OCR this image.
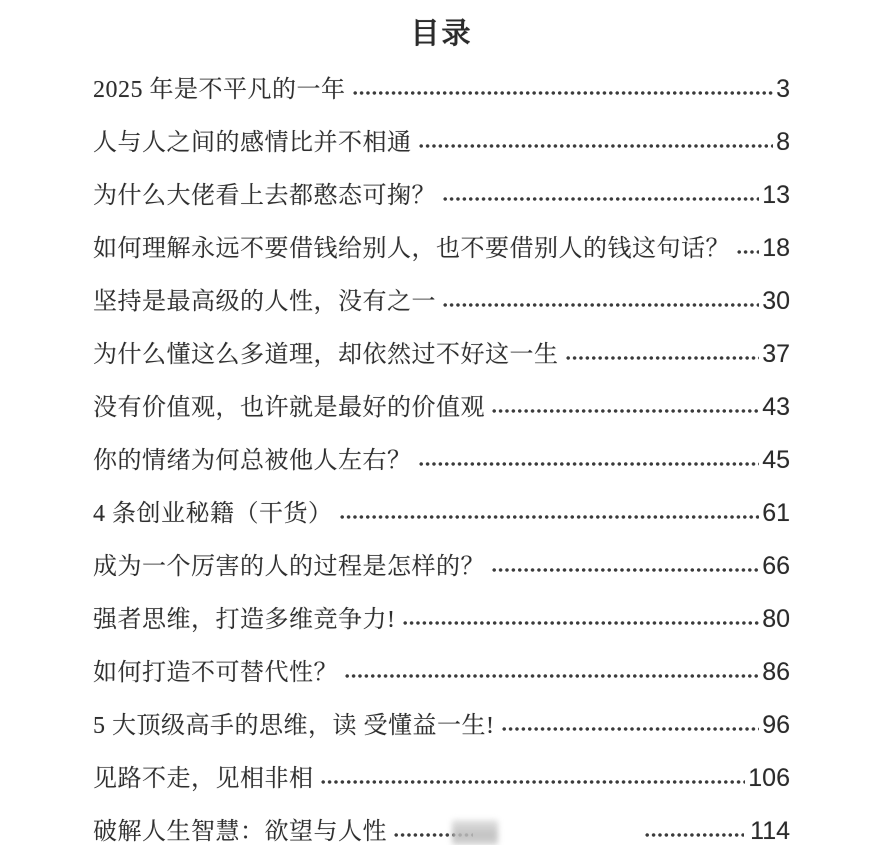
目录
2025 年是不平凡的一年	3
人与人之间的感情比并不相通	8
为什么大佬看上去都憨态可掬？	13
如何理解永远不要借钱给别人，也不要借别人的钱这句话？ 18
坚持是最高级的人性，没有之一	30
为什么懂这么多道理，却依然过不好这一生	37
没有价值观，也许就是最好的价值观	43
你的情绪为何总被他人左右？	45
4 条创业秘籍（干货）	61
成为一个厉害的人的过程是怎样的？	66
强者思维，打造多维竞争力!	80
如何打造不可替代性？	86
5 大顶级高手的思维，读 受懂益一生!	96
见路不走，见相非相	106
破解人生智慧：欲望与人性	114
